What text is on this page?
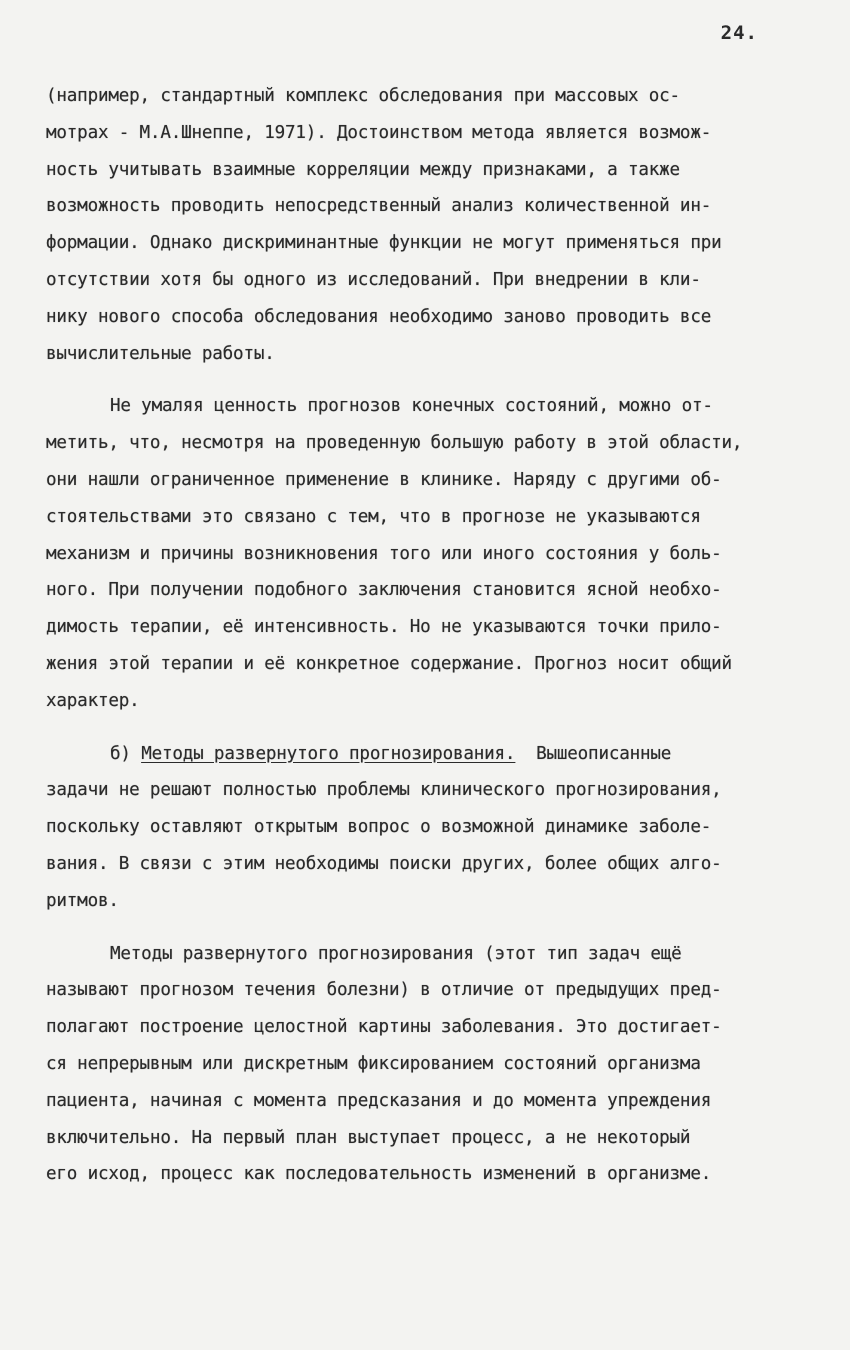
24.
(например, стандартный комплекс обследования при массовых ос-
мотрах - М.А.Шнеппе, 1971). Достоинством метода является возмож-
ность учитывать взаимные корреляции между признаками, а также
возможность проводить непосредственный анализ количественной ин-
формации. Однако дискриминантные функции не могут применяться при
отсутствии хотя бы одного из исследований. При внедрении в кли-
нику нового способа обследования необходимо заново проводить все
вычислительные работы.
Не умаляя ценность прогнозов конечных состояний, можно от-
метить, что, несмотря на проведенную большую работу в этой области,
они нашли ограниченное применение в клинике. Наряду с другими об-
стоятельствами это связано с тем, что в прогнозе не указываются
механизм и причины возникновения того или иного состояния у боль-
ного. При получении подобного заключения становится ясной необхо-
димость терапии, её интенсивность. Но не указываются точки прило-
жения этой терапии и её конкретное содержание. Прогноз носит общий
характер.
б) Методы развернутого прогнозирования.  Вышеописанные
задачи не решают полностью проблемы клинического прогнозирования,
поскольку оставляют открытым вопрос о возможной динамике заболе-
вания. В связи с этим необходимы поиски других, более общих алго-
ритмов.
Методы развернутого прогнозирования (этот тип задач ещё
называют прогнозом течения болезни) в отличие от предыдущих пред-
полагают построение целостной картины заболевания. Это достигает-
ся непрерывным или дискретным фиксированием состояний организма
пациента, начиная с момента предсказания и до момента упреждения
включительно. На первый план выступает процесс, а не некоторый
его исход, процесс как последовательность изменений в организме.
